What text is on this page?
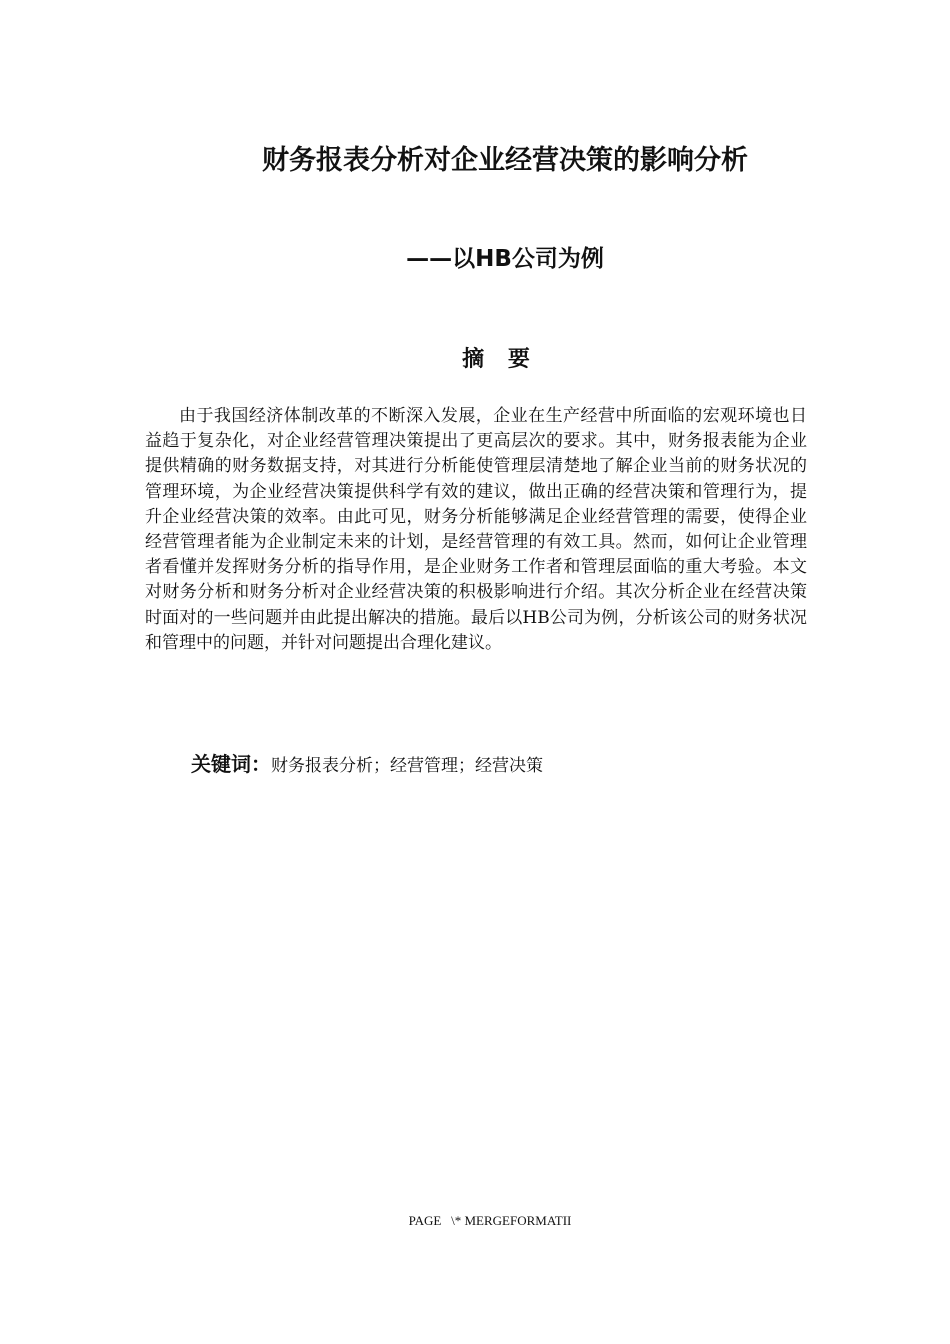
财务报表分析对企业经营决策的影响分析
——以HB公司为例
摘 要

由于我国经济体制改革的不断深入发展，企业在生产经营中所面临的宏观环境也日益趋于复杂化，对企业经营管理决策提出了更高层次的要求。其中，财务报表能为企业提供精确的财务数据支持，对其进行分析能使管理层清楚地了解企业当前的财务状况的管理环境，为企业经营决策提供科学有效的建议，做出正确的经营决策和管理行为，提升企业经营决策的效率。由此可见，财务分析能够满足企业经营管理的需要，使得企业经营管理者能为企业制定未来的计划，是经营管理的有效工具。然而，如何让企业管理者看懂并发挥财务分析的指导作用，是企业财务工作者和管理层面临的重大考验。本文对财务分析和财务分析对企业经营决策的积极影响进行介绍。其次分析企业在经营决策时面对的一些问题并由此提出解决的措施。最后以HB公司为例，分析该公司的财务状况和管理中的问题，并针对问题提出合理化建议。

关键词：财务报表分析；经营管理；经营决策

PAGE   \* MERGEFORMATII
